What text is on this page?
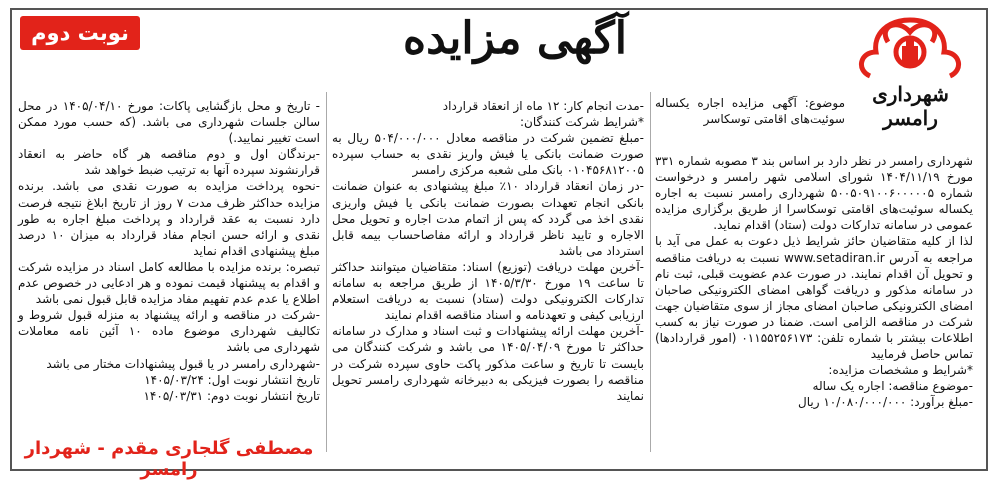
آگهی مزایده
نوبت دوم
شهرداری رامسر
موضوع: آگهی مزایده اجاره یکساله سوئیت‌های اقامتی توسکاسر

شهرداری رامسر در نظر دارد بر اساس بند ۳ مصوبه شماره ۳۳۱ مورخ ۱۴۰۴/۱۱/۱۹ شورای اسلامی شهر رامسر و درخواست شماره ۵۰۰۵۰۹۱۰۰۶۰۰۰۰۰۵ شهرداری رامسر نسبت به اجاره یکساله سوئیت‌های اقامتی توسکاسرا از طریق برگزاری مزایده عمومی در سامانه تدارکات دولت (ستاد) اقدام نماید.

لذا از کلیه متقاضیان حائز شرایط ذیل دعوت به عمل می آید با مراجعه به آدرس www.setadiran.ir نسبت به دریافت مناقصه و تحویل آن اقدام نمایند. در صورت عدم عضویت قبلی، ثبت نام در سامانه مذکور و دریافت گواهی امضای الکترونیکی صاحبان امضای الکترونیکی صاحبان امضای مجاز از سوی متقاضیان جهت شرکت در مناقصه الزامی است. ضمنا در صورت نیاز به کسب اطلاعات بیشتر با شماره تلفن: ۰۱۱۵۵۲۵۶۱۷۳ (امور قراردادها) تماس حاصل فرمایید

*شرایط و مشخصات مزایده:

-موضوع مناقصه: اجاره یک ساله

-مبلغ برآورد: ۱۰/۰۸۰/۰۰۰/۰۰۰ ریال

-مدت انجام کار: ۱۲ ماه از انعقاد قرارداد

*شرایط شرکت کنندگان:

-مبلغ تضمین شرکت در مناقصه معادل ۵۰۴/۰۰۰/۰۰۰ ریال به صورت ضمانت بانکی یا فیش واریز نقدی به حساب سپرده ۰۱۰۴۵۶۸۱۲۰۰۵ بانک ملی شعبه مرکزی رامسر

-در زمان انعقاد قرارداد ۱۰٪ مبلغ پیشنهادی به عنوان ضمانت بانکی انجام تعهدات بصورت ضمانت بانکی یا فیش واریزی نقدی اخذ می گردد که پس از اتمام مدت اجاره و تحویل محل الاجاره و تایید ناظر قرارداد و ارائه مفاصاحساب بیمه قابل استرداد می باشد

-آخرین مهلت دریافت (توزیع) اسناد: متقاضیان میتوانند حداکثر تا ساعت ۱۹ مورخ ۱۴۰۵/۳/۳۰ از طریق مراجعه به سامانه تدارکات الکترونیکی دولت (ستاد) نسبت به دریافت استعلام ارزیابی کیفی و تعهدنامه و اسناد مناقصه اقدام نمایند

-آخرین مهلت ارائه پیشنهادات و ثبت اسناد و مدارک در سامانه حداکثر تا مورخ ۱۴۰۵/۰۴/۰۹ می باشد و شرکت کنندگان می بایست تا تاریخ و ساعت مذکور پاکت حاوی سپرده شرکت در مناقصه را بصورت فیزیکی به دبیرخانه شهرداری رامسر تحویل نمایند

- تاریخ و محل بازگشایی پاکات: مورخ ۱۴۰۵/۰۴/۱۰ در محل سالن جلسات شهرداری می باشد. (که حسب مورد ممکن است تغییر نمایید.)

-برندگان اول و دوم مناقصه هر گاه حاضر به انعقاد قرارنشوند سپرده آنها به ترتیب ضبط خواهد شد

-نحوه پرداخت مزایده به صورت نقدی می باشد. برنده مزایده حداکثر ظرف مدت ۷ روز از تاریخ ابلاغ نتیجه فرصت دارد نسبت به عقد قرارداد و پرداخت مبلغ اجاره به طور نقدی و ارائه حسن انجام مفاد قرارداد به میزان ۱۰ درصد مبلغ پیشنهادی اقدام نماید

تبصره: برنده مزایده با مطالعه کامل اسناد در مزایده شرکت و اقدام به پیشنهاد قیمت نموده و هر ادعایی در خصوص عدم اطلاع یا عدم عدم تفهیم مفاد مزایده قابل قبول نمی باشد

-شرکت در مناقصه و ارائه پیشنهاد به منزله قبول شروط و تکالیف شهرداری موضوع ماده ۱۰ آئین نامه معاملات شهرداری می باشد

-شهرداری رامسر در یا قبول پیشنهادات مختار می باشد

تاریخ انتشار نوبت اول: ۱۴۰۵/۰۳/۲۴

تاریخ انتشار نوبت دوم: ۱۴۰۵/۰۳/۳۱

مصطفی گلجاری مقدم - شهردار رامسر
